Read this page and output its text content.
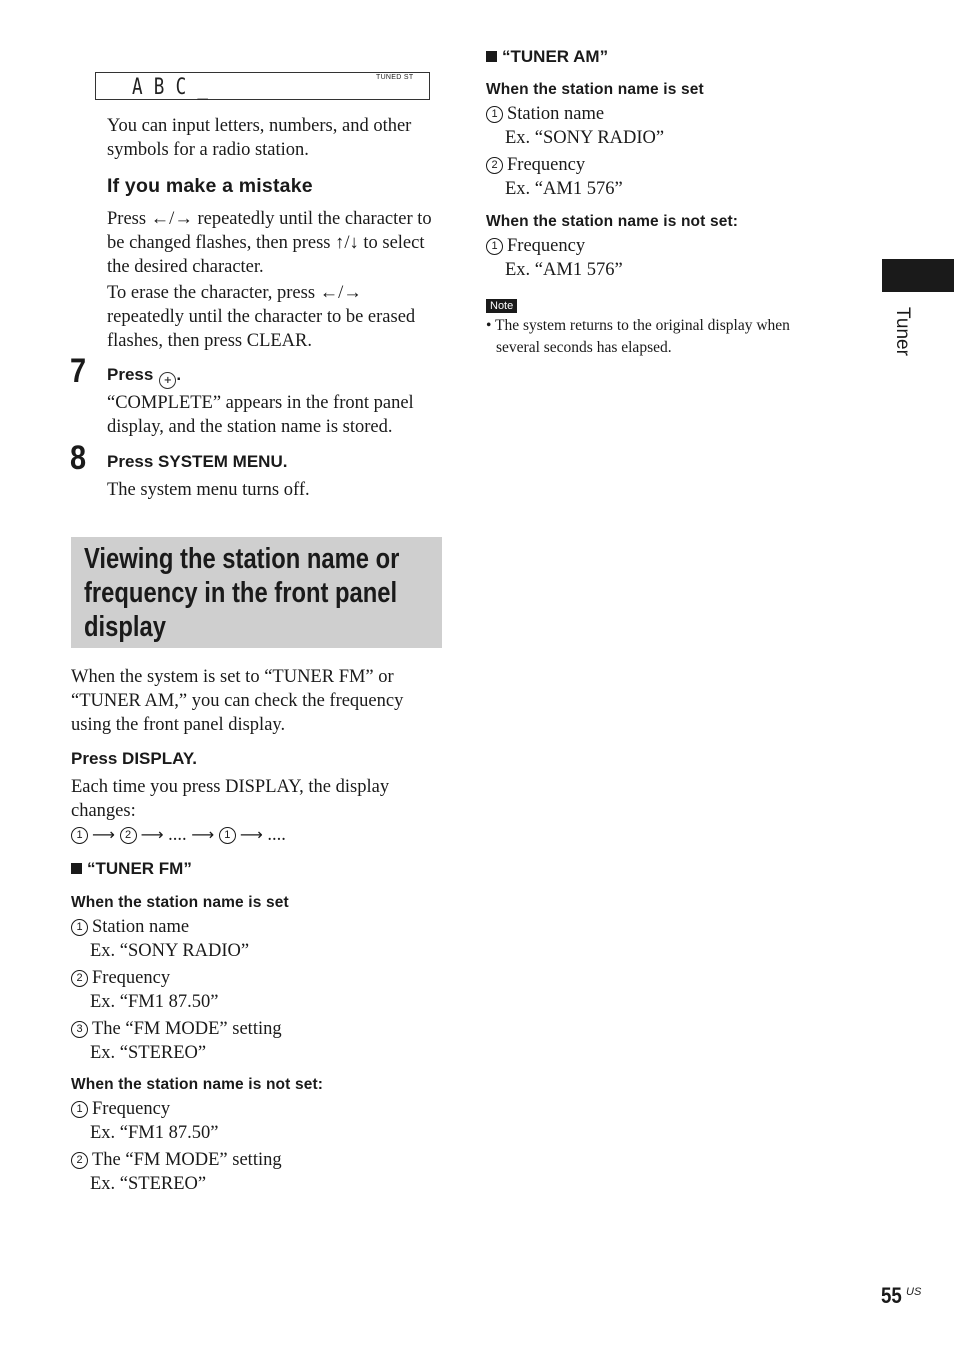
ABC_	TUNED ST
You can input letters, numbers, and other
symbols for a radio station.
If you make a mistake
Press ←/→ repeatedly until the character to
be changed flashes, then press ↑/↓ to select
the desired character.
To erase the character, press ←/→
repeatedly until the character to be erased
flashes, then press CLEAR.
7 Press + .
“COMPLETE” appears in the front panel
display, and the station name is stored.
8 Press SYSTEM MENU.
The system menu turns off.
Viewing the station name or
frequency in the front panel
display
When the system is set to “TUNER FM” or
“TUNER AM,” you can check the frequency
using the front panel display.
Press DISPLAY.
Each time you press DISPLAY, the display
changes:
1 ⟶ 2 ⟶ .... ⟶ 1 ⟶ ....
“TUNER FM”
When the station name is set
1 Station name
Ex. “SONY RADIO”
2 Frequency
Ex. “FM1 87.50”
3 The “FM MODE” setting
Ex. “STEREO”
When the station name is not set:
1 Frequency
Ex. “FM1 87.50”
2 The “FM MODE” setting
Ex. “STEREO”
“TUNER AM”
When the station name is set
1 Station name
Ex. “SONY RADIO”
2 Frequency
Ex. “AM1 576”
When the station name is not set:
1 Frequency
Ex. “AM1 576”
Note
• The system returns to the original display when
several seconds has elapsed.	Tuner
55 US
